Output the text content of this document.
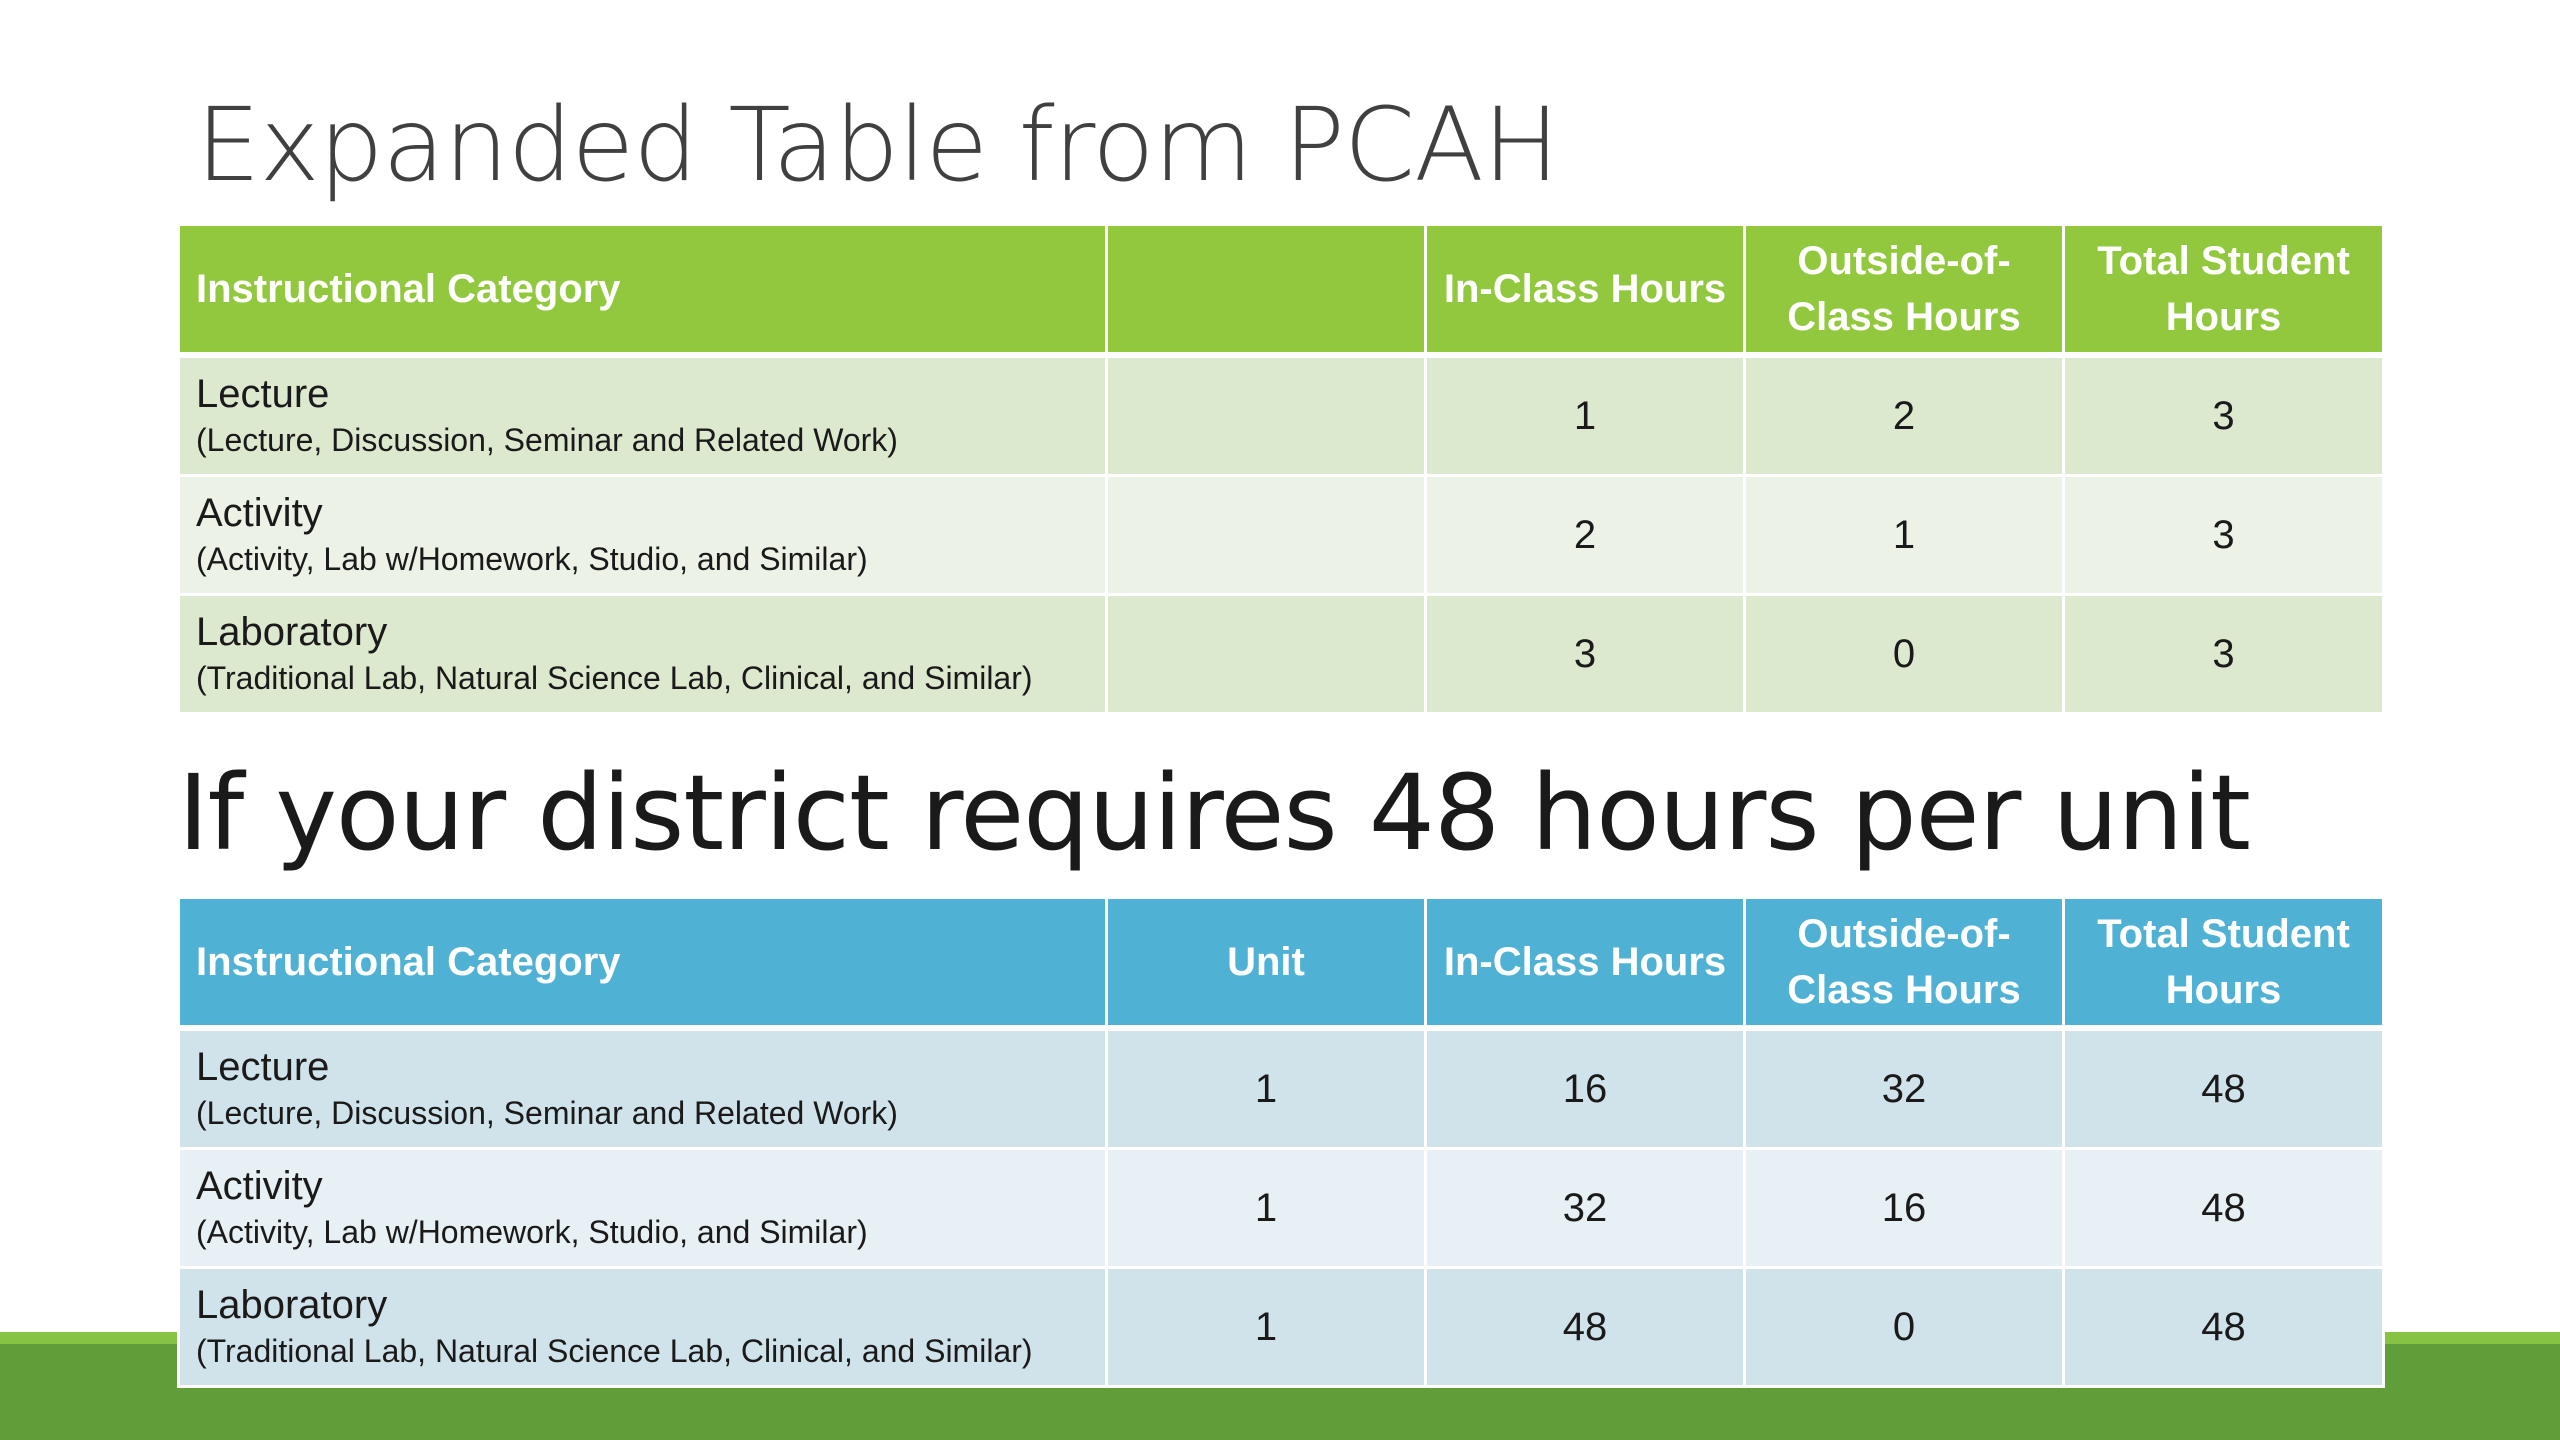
Expanded Table from PCAH
Instructional Category		In-Class Hours	Outside-of-Class Hours	Total Student Hours

Lecture
(Lecture, Discussion, Seminar and Related Work)		1	2	3

Activity
(Activity, Lab w/Homework, Studio, and Similar)		2	1	3

Laboratory
(Traditional Lab, Natural Science Lab, Clinical, and Similar)		3	0	3
If your district requires 48 hours per unit
Instructional Category	Unit	In-Class Hours	Outside-of-Class Hours	Total Student Hours

Lecture
(Lecture, Discussion, Seminar and Related Work)	1	16	32	48

Activity
(Activity, Lab w/Homework, Studio, and Similar)	1	32	16	48

Laboratory
(Traditional Lab, Natural Science Lab, Clinical, and Similar)	1	48	0	48
